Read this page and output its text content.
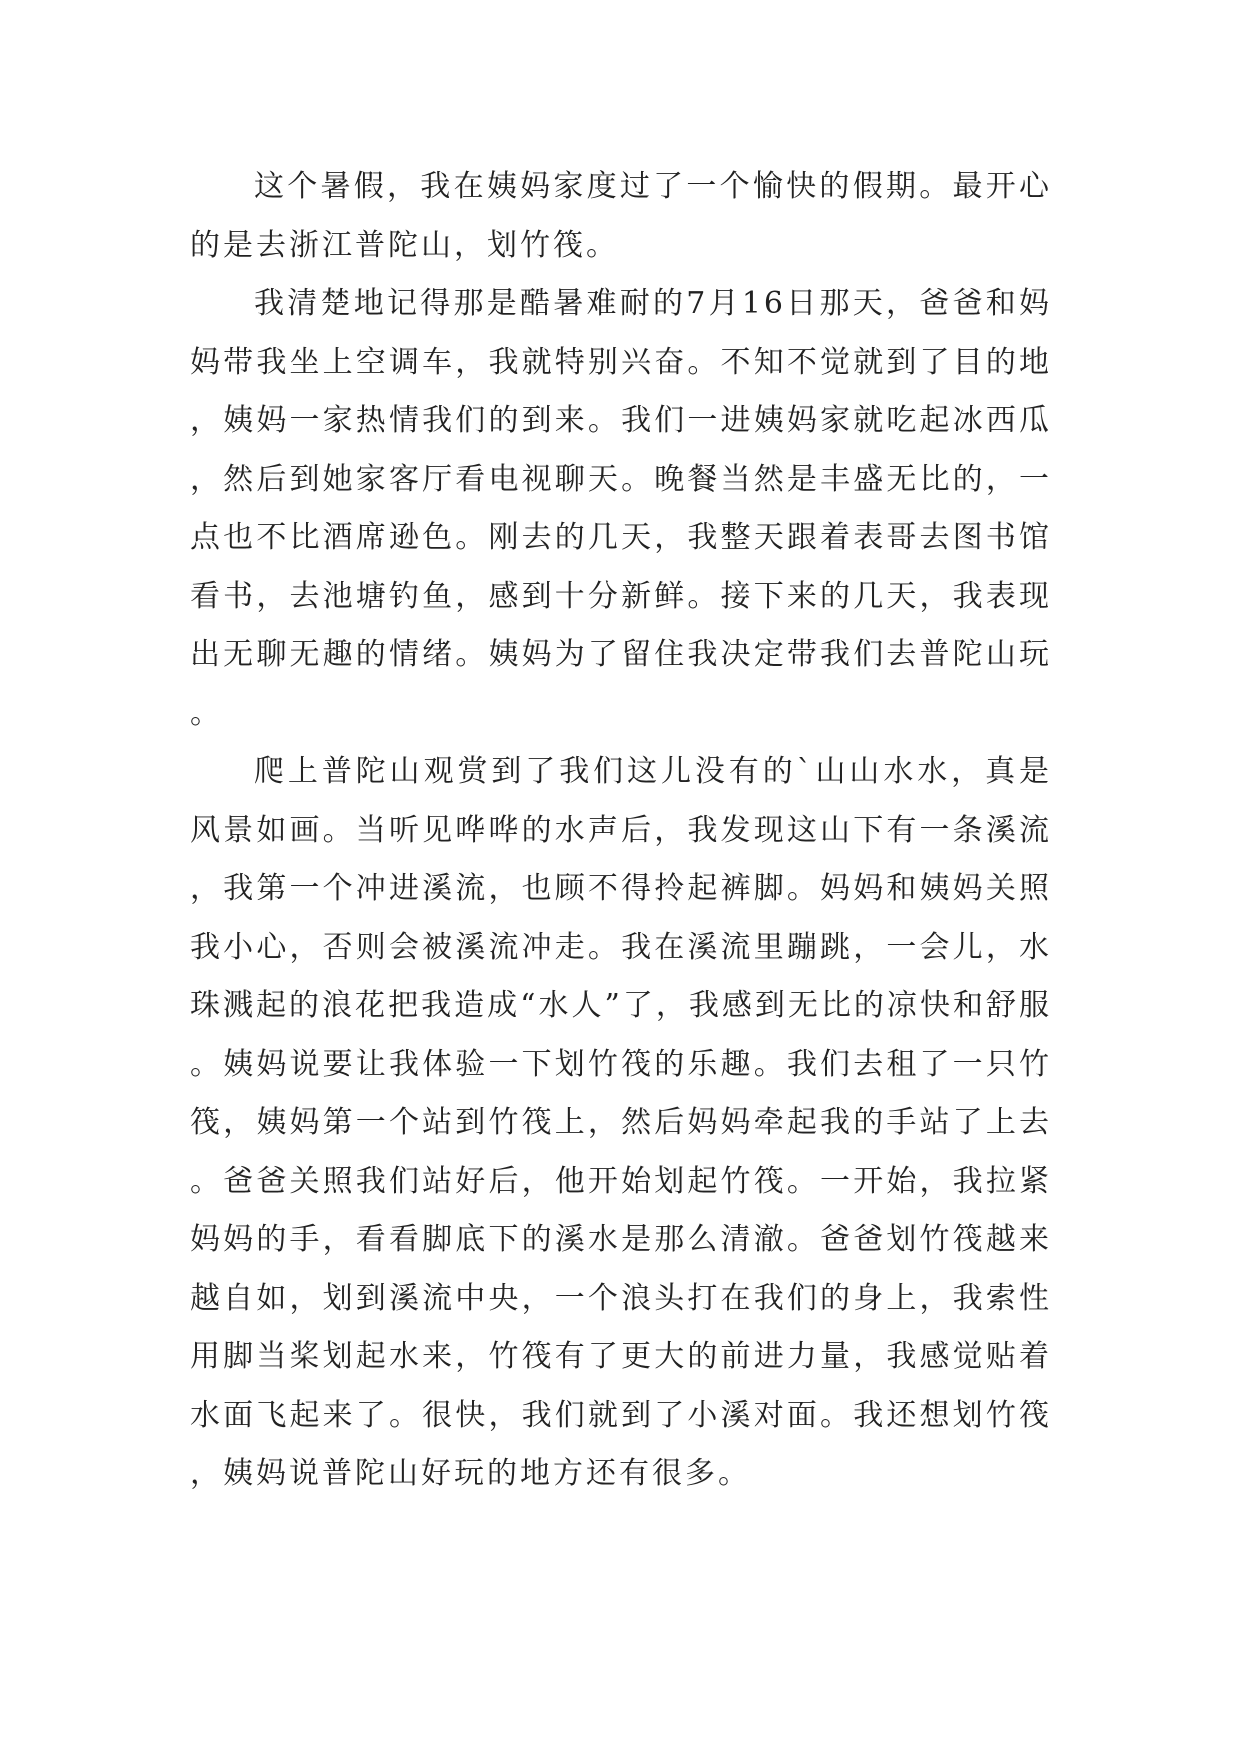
这个暑假，我在姨妈家度过了一个愉快的假期。最开心的是去浙江普陀山，划竹筏。

我清楚地记得那是酷暑难耐的7月16日那天，爸爸和妈妈带我坐上空调车，我就特别兴奋。不知不觉就到了目的地，姨妈一家热情我们的到来。我们一进姨妈家就吃起冰西瓜，然后到她家客厅看电视聊天。晚餐当然是丰盛无比的，一点也不比酒席逊色。刚去的几天，我整天跟着表哥去图书馆看书，去池塘钓鱼，感到十分新鲜。接下来的几天，我表现出无聊无趣的情绪。姨妈为了留住我决定带我们去普陀山玩。

爬上普陀山观赏到了我们这儿没有的`山山水水，真是风景如画。当听见哗哗的水声后，我发现这山下有一条溪流，我第一个冲进溪流，也顾不得拎起裤脚。妈妈和姨妈关照我小心，否则会被溪流冲走。我在溪流里蹦跳，一会儿，水珠溅起的浪花把我造成“水人”了，我感到无比的凉快和舒服。姨妈说要让我体验一下划竹筏的乐趣。我们去租了一只竹筏，姨妈第一个站到竹筏上，然后妈妈牵起我的手站了上去。爸爸关照我们站好后，他开始划起竹筏。一开始，我拉紧妈妈的手，看看脚底下的溪水是那么清澈。爸爸划竹筏越来越自如，划到溪流中央，一个浪头打在我们的身上，我索性用脚当桨划起水来，竹筏有了更大的前进力量，我感觉贴着水面飞起来了。很快，我们就到了小溪对面。我还想划竹筏，姨妈说普陀山好玩的地方还有很多。
